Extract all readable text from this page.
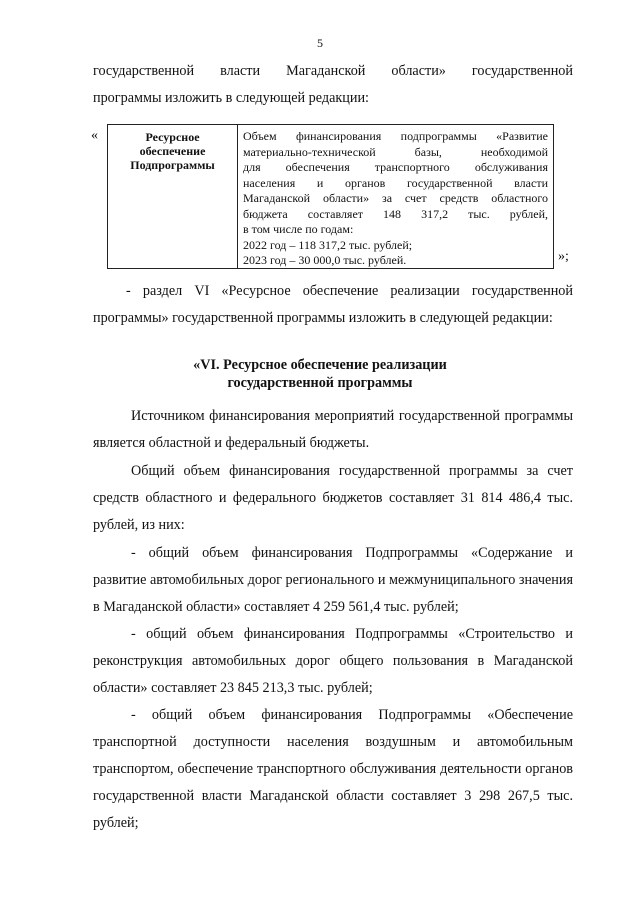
5

государственной власти Магаданской области» государственной

программы изложить в следующей редакции:

«	Ресурсное
обеспечение
Подпрограммы
Объем финансирования подпрограммы «Развитие
материально-технической базы, необходимой
для обеспечения транспортного обслуживания
населения и органов государственной власти
Магаданской области» за счет средств областного
бюджета составляет 148 317,2 тыс. рублей,
в том числе по годам:
2022 год – 118 317,2 тыс. рублей;
2023 год – 30 000,0 тыс. рублей.	»;
- раздел VI «Ресурсное обеспечение реализации государственной программы» государственной программы изложить в следующей редакции:
«VI. Ресурсное обеспечение реализации
государственной программы
Источником финансирования мероприятий государственной программы является областной и федеральный бюджеты.
Общий объем финансирования государственной программы за счет средств областного и федерального бюджетов составляет 31 814 486,4 тыс. рублей, из них:
- общий объем финансирования Подпрограммы «Содержание и развитие автомобильных дорог регионального и межмуниципального значения в Магаданской области» составляет 4 259 561,4 тыс. рублей;
- общий объем финансирования Подпрограммы «Строительство и реконструкция автомобильных дорог общего пользования в Магаданской области» составляет 23 845 213,3 тыс. рублей;
- общий объем финансирования Подпрограммы «Обеспечение транспортной доступности населения воздушным и автомобильным транспортом, обеспечение транспортного обслуживания деятельности органов государственной власти Магаданской области составляет 3 298 267,5 тыс. рублей;
